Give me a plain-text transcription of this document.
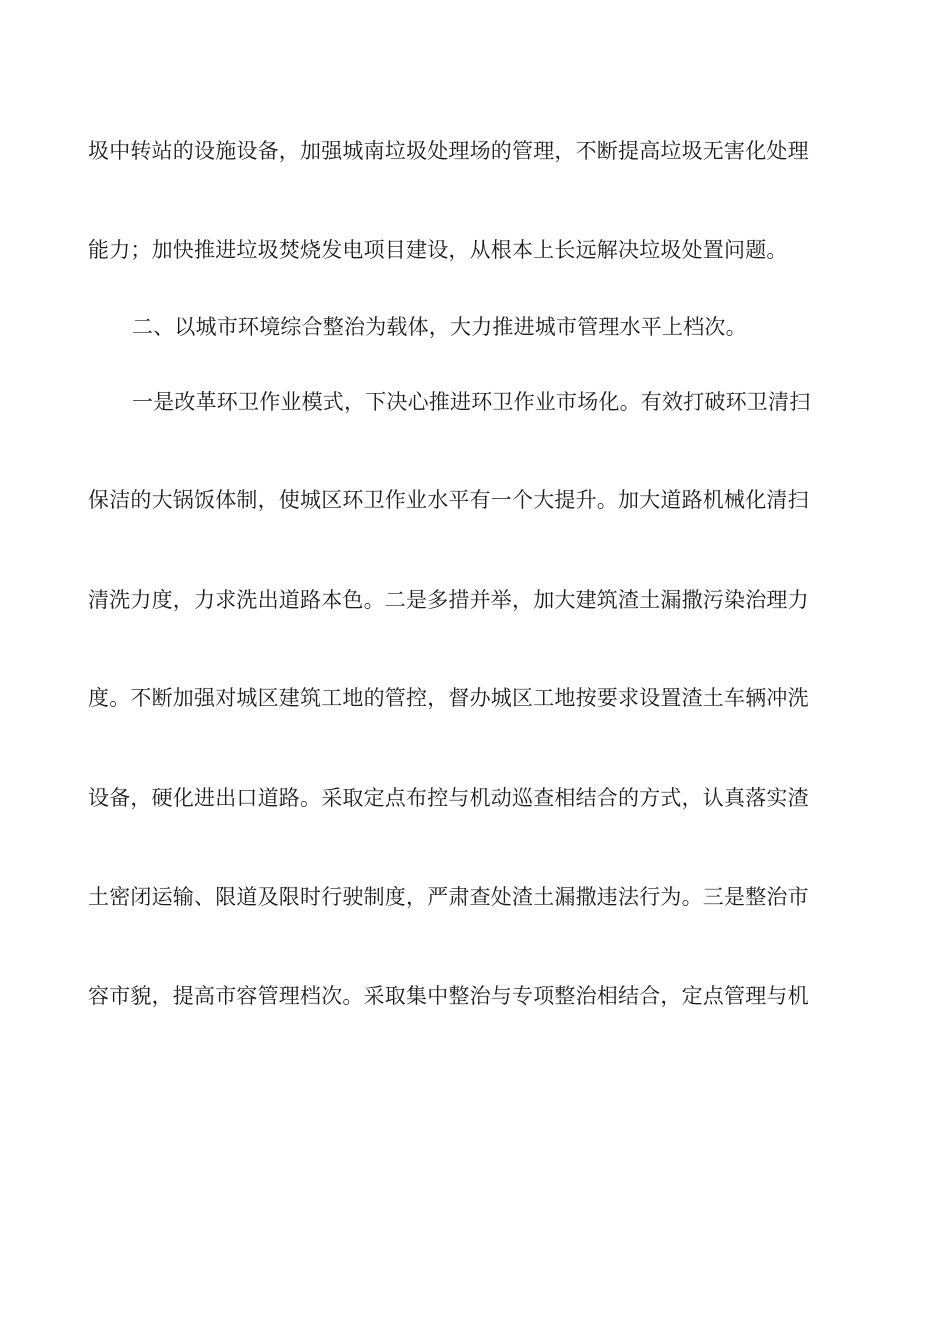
圾中转站的设施设备，加强城南垃圾处理场的管理，不断提高垃圾无害化处理
能力；加快推进垃圾焚烧发电项目建设，从根本上长远解决垃圾处置问题。
二、以城市环境综合整治为载体，大力推进城市管理水平上档次。
一是改革环卫作业模式，下决心推进环卫作业市场化。有效打破环卫清扫
保洁的大锅饭体制，使城区环卫作业水平有一个大提升。加大道路机械化清扫
清洗力度，力求洗出道路本色。二是多措并举，加大建筑渣土漏撒污染治理力
度。不断加强对城区建筑工地的管控，督办城区工地按要求设置渣土车辆冲洗
设备，硬化进出口道路。采取定点布控与机动巡查相结合的方式，认真落实渣
土密闭运输、限道及限时行驶制度，严肃查处渣土漏撒违法行为。三是整治市
容市貌，提高市容管理档次。采取集中整治与专项整治相结合，定点管理与机
